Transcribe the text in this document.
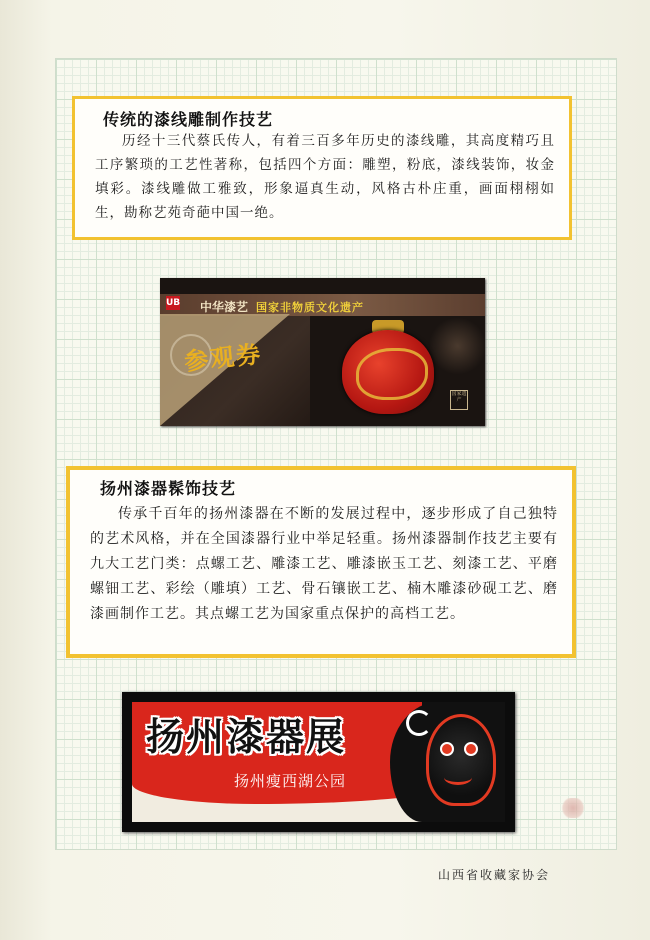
传统的漆线雕制作技艺
历经十三代蔡氏传人，有着三百多年历史的漆线雕，其高度精巧且工序繁琐的工艺性著称，包括四个方面：雕塑，粉底，漆线装饰，妆金填彩。漆线雕做工雅致，形象逼真生动，风格古朴庄重，画面栩栩如生，勘称艺苑奇葩中国一绝。
UB 中华漆艺 国家非物质文化遗产
参观券
国家遗产
扬州漆器髹饰技艺
传承千百年的扬州漆器在不断的发展过程中，逐步形成了自己独特的艺术风格，并在全国漆器行业中举足轻重。扬州漆器制作技艺主要有九大工艺门类：点螺工艺、雕漆工艺、雕漆嵌玉工艺、刻漆工艺、平磨螺钿工艺、彩绘（雕填）工艺、骨石镶嵌工艺、楠木雕漆砂砚工艺、磨漆画制作工艺。其点螺工艺为国家重点保护的高档工艺。
扬州漆器展
扬州瘦西湖公园
山西省收藏家协会
